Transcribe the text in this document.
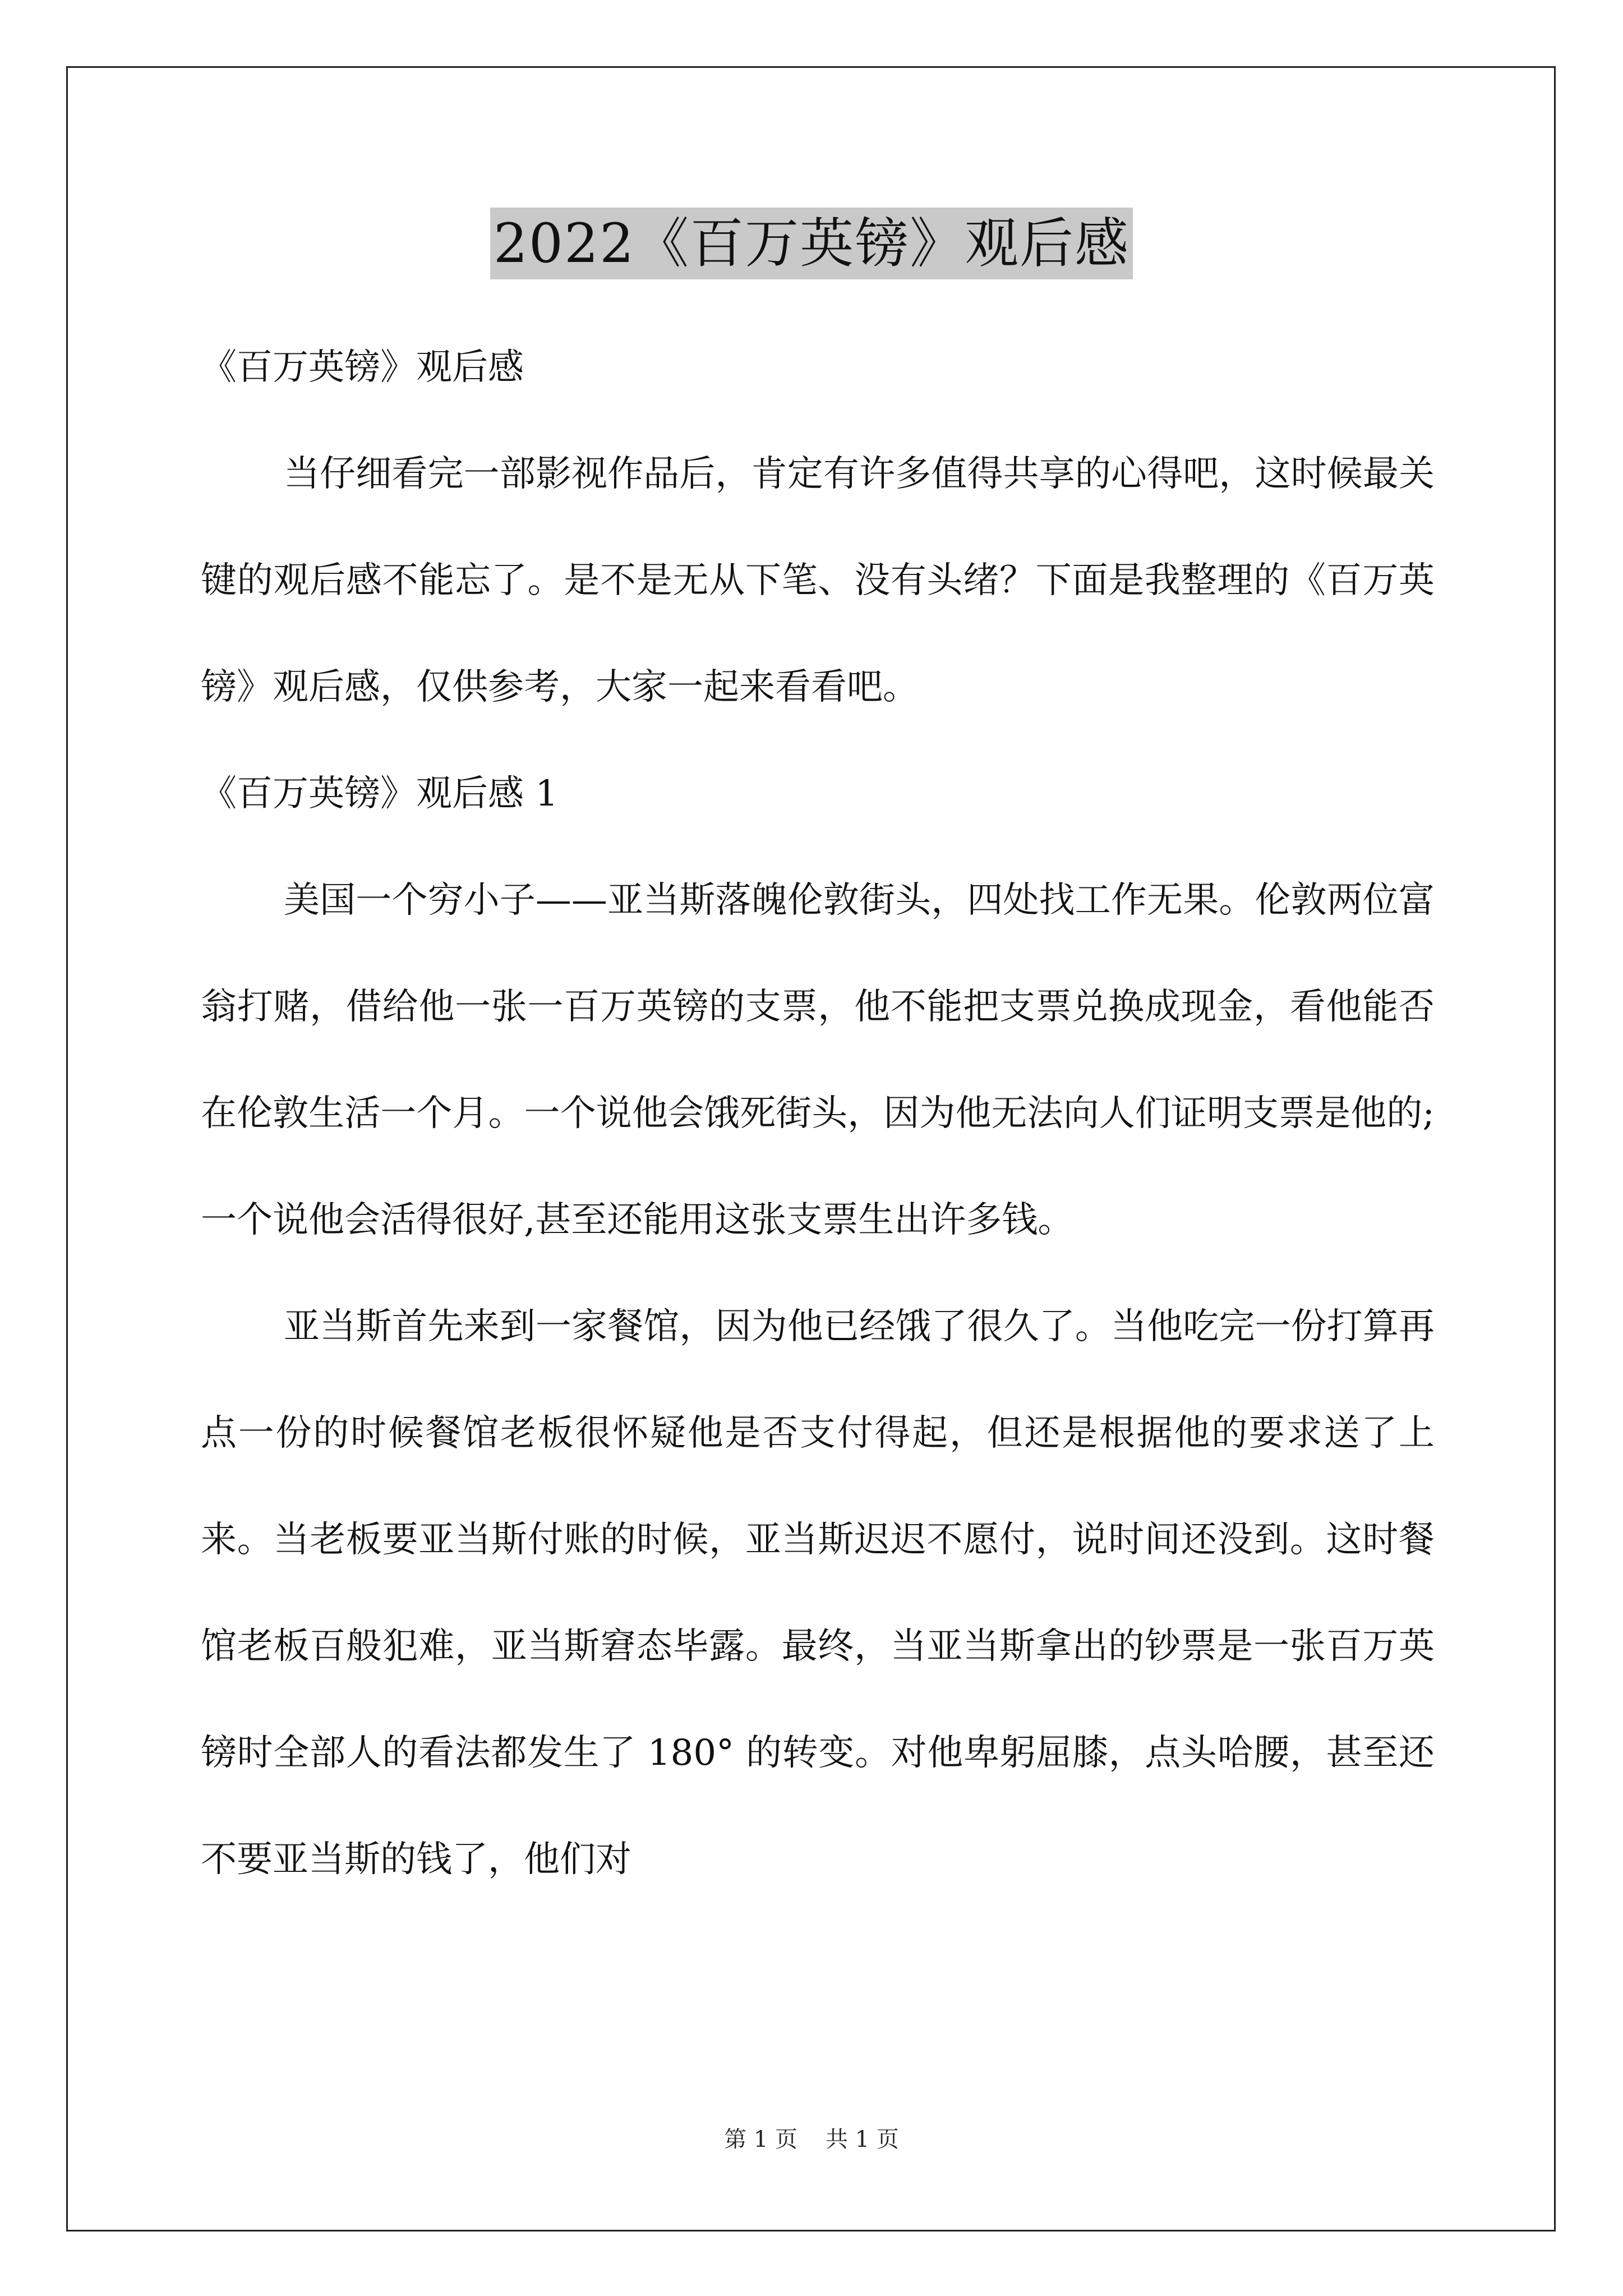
2022《百万英镑》观后感

《百万英镑》观后感

当仔细看完一部影视作品后，肯定有许多值得共享的心得吧，这时候最关键的观后感不能忘了。是不是无从下笔、没有头绪？下面是我整理的《百万英镑》观后感，仅供参考，大家一起来看看吧。

《百万英镑》观后感 1

美国一个穷小子——亚当斯落魄伦敦街头，四处找工作无果。伦敦两位富翁打赌，借给他一张一百万英镑的支票，他不能把支票兑换成现金，看他能否在伦敦生活一个月。一个说他会饿死街头，因为他无法向人们证明支票是他的;一个说他会活得很好,甚至还能用这张支票生出许多钱。

亚当斯首先来到一家餐馆，因为他已经饿了很久了。当他吃完一份打算再点一份的时候餐馆老板很怀疑他是否支付得起，但还是根据他的要求送了上来。当老板要亚当斯付账的时候，亚当斯迟迟不愿付，说时间还没到。这时餐馆老板百般犯难，亚当斯窘态毕露。最终，当亚当斯拿出的钞票是一张百万英镑时全部人的看法都发生了 180° 的转变。对他卑躬屈膝，点头哈腰，甚至还不要亚当斯的钱了，他们对

第 1 页 共 1 页
